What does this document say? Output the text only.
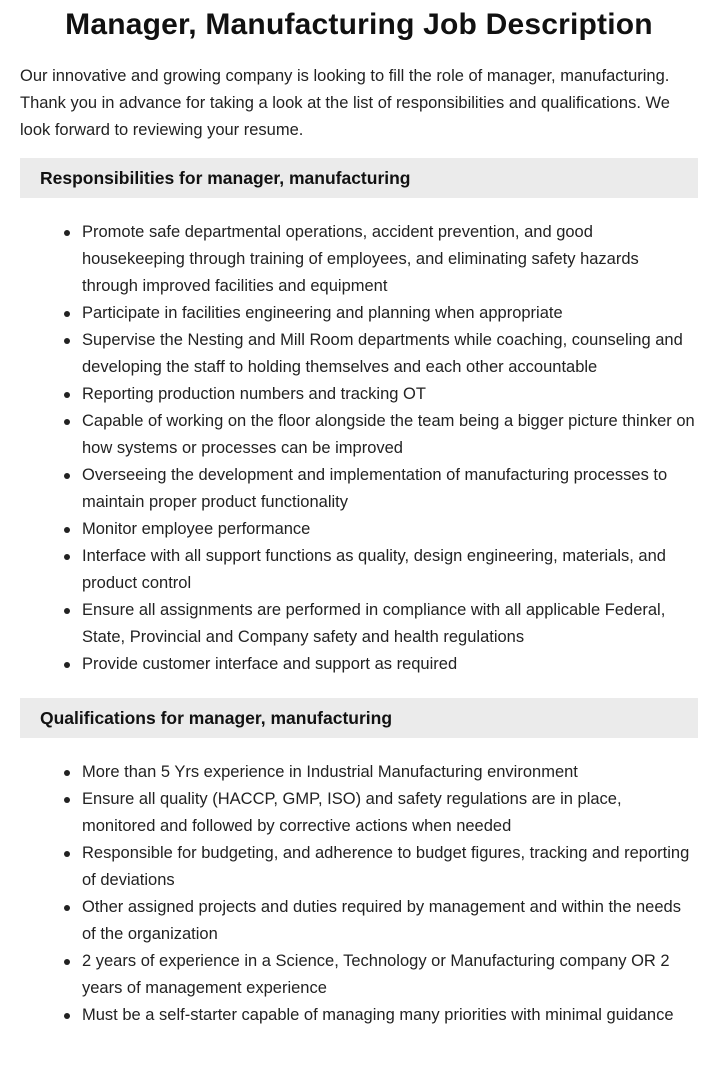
Manager, Manufacturing Job Description

Our innovative and growing company is looking to fill the role of manager, manufacturing. Thank you in advance for taking a look at the list of responsibilities and qualifications. We look forward to reviewing your resume.

Responsibilities for manager, manufacturing
Promote safe departmental operations, accident prevention, and good housekeeping through training of employees, and eliminating safety hazards through improved facilities and equipment
Participate in facilities engineering and planning when appropriate
Supervise the Nesting and Mill Room departments while coaching, counseling and developing the staff to holding themselves and each other accountable
Reporting production numbers and tracking OT
Capable of working on the floor alongside the team being a bigger picture thinker on how systems or processes can be improved
Overseeing the development and implementation of manufacturing processes to maintain proper product functionality
Monitor employee performance
Interface with all support functions as quality, design engineering, materials, and product control
Ensure all assignments are performed in compliance with all applicable Federal, State, Provincial and Company safety and health regulations
Provide customer interface and support as required
Qualifications for manager, manufacturing
More than 5 Yrs experience in Industrial Manufacturing environment
Ensure all quality (HACCP, GMP, ISO) and safety regulations are in place, monitored and followed by corrective actions when needed
Responsible for budgeting, and adherence to budget figures, tracking and reporting of deviations
Other assigned projects and duties required by management and within the needs of the organization
2 years of experience in a Science, Technology or Manufacturing company OR 2 years of management experience
Must be a self-starter capable of managing many priorities with minimal guidance
